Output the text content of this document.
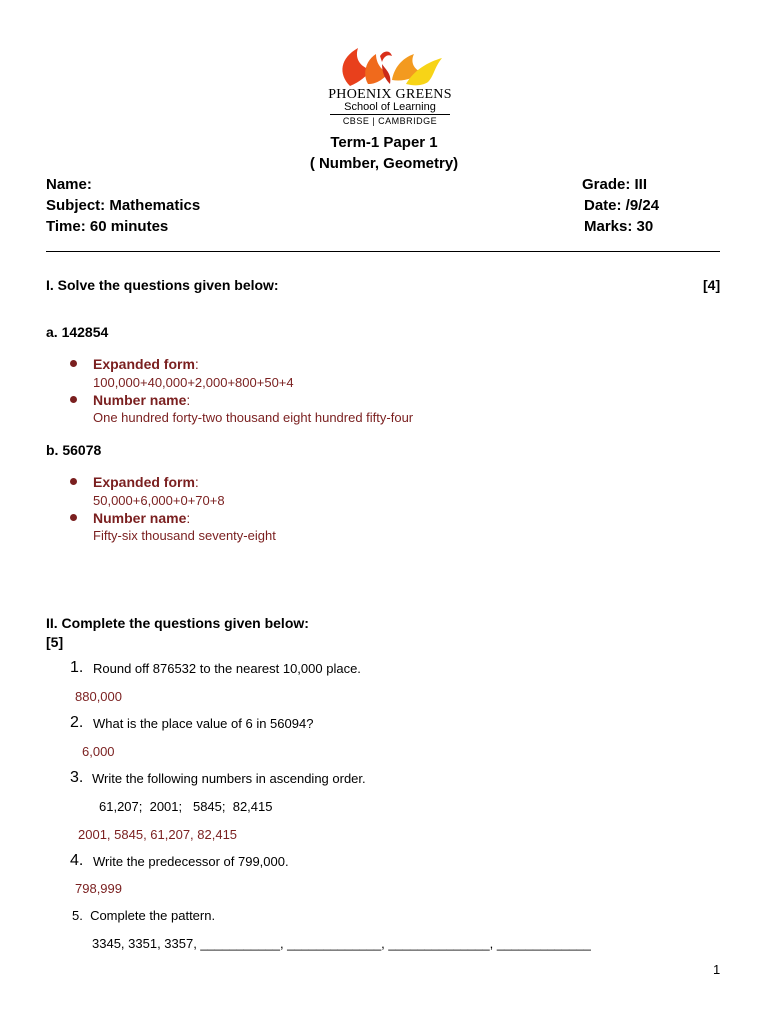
PHOENIX GREENS
School of Learning
CBSE | CAMBRIDGE
Term-1 Paper 1
( Number, Geometry)
Name:
Subject: Mathematics
Time: 60 minutes
Grade: III
Date: /9/24
Marks: 30
I. Solve the questions given below:	[4]
a. 142854
Expanded form:
100,000+40,000+2,000+800+50+4
Number name:
One hundred forty-two thousand eight hundred fifty-four
b. 56078
Expanded form:
50,000+6,000+0+70+8
Number name:
Fifty-six thousand seventy-eight
II. Complete the questions given below:
[5]
1. Round off 876532 to the nearest 10,000 place.
880,000
2. What is the place value of 6 in 56094?
6,000
3. Write the following numbers in ascending order.
61,207;  2001;   5845;  82,415
2001, 5845, 61,207, 82,415
4. Write the predecessor of 799,000.
798,999
5.  Complete the pattern.
3345, 3351, 3357, ___________, _____________, ______________, _____________
1
